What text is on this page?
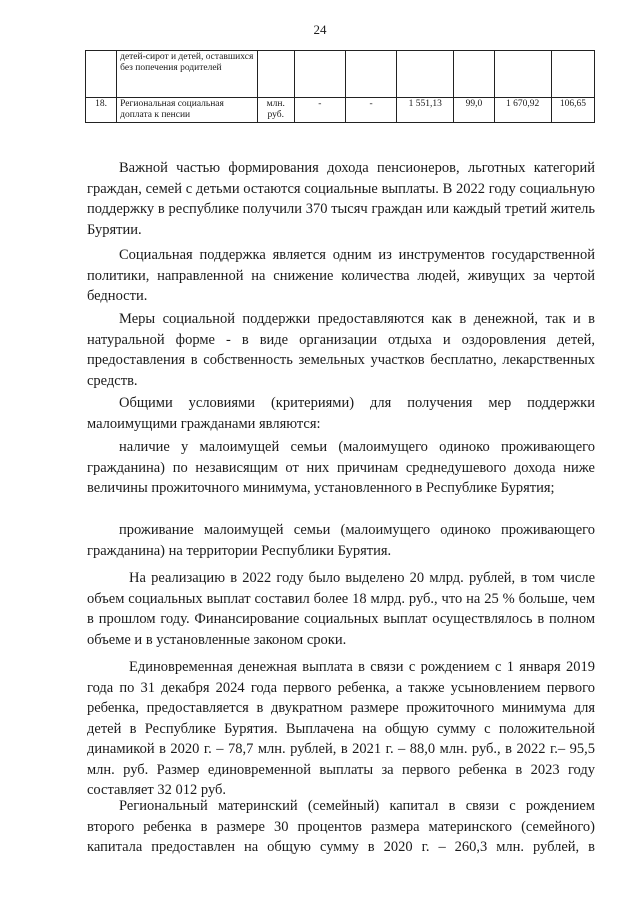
24
	детей-сирот и детей, оставшихся без попечения родителей							
18.	Региональная социальная доплата к пенсии	млн. руб.	-	-	1 551,13	99,0	1 670,92	106,65

Важной частью формирования дохода пенсионеров, льготных категорий граждан, семей с детьми остаются социальные выплаты. В 2022 году социальную поддержку в республике получили 370 тысяч граждан или каждый третий житель Бурятии.

Социальная поддержка является одним из инструментов государственной политики, направленной на снижение количества людей, живущих за чертой бедности.

Меры социальной поддержки предоставляются как в денежной, так и в натуральной форме - в виде организации отдыха и оздоровления детей, предоставления в собственность земельных участков бесплатно, лекарственных средств.

Общими условиями (критериями) для получения мер поддержки малоимущими гражданами являются:

наличие у малоимущей семьи (малоимущего одиноко проживающего гражданина) по независящим от них причинам среднедушевого дохода ниже величины прожиточного минимума, установленного в Республике Бурятия;

проживание малоимущей семьи (малоимущего одиноко проживающего гражданина) на территории Республики Бурятия.

На реализацию в 2022 году было выделено 20 млрд. рублей, в том числе объем социальных выплат составил более 18 млрд. руб., что на 25 % больше, чем в прошлом году. Финансирование социальных выплат осуществлялось в полном объеме и в установленные законом сроки.

Единовременная денежная выплата в связи с рождением с 1 января 2019 года по 31 декабря 2024 года первого ребенка, а также усыновлением первого ребенка, предоставляется в двукратном размере прожиточного минимума для детей в Республике Бурятия. Выплачена на общую сумму с положительной динамикой в 2020 г. – 78,7 млн. рублей, в 2021 г. – 88,0 млн. руб., в 2022 г.– 95,5 млн. руб. Размер единовременной выплаты за первого ребенка в 2023 году составляет 32 012 руб.

Региональный материнский (семейный) капитал в связи с рождением второго ребенка в размере 30 процентов размера материнского (семейного) капитала предоставлен на общую сумму в 2020 г. – 260,3 млн. рублей, в
